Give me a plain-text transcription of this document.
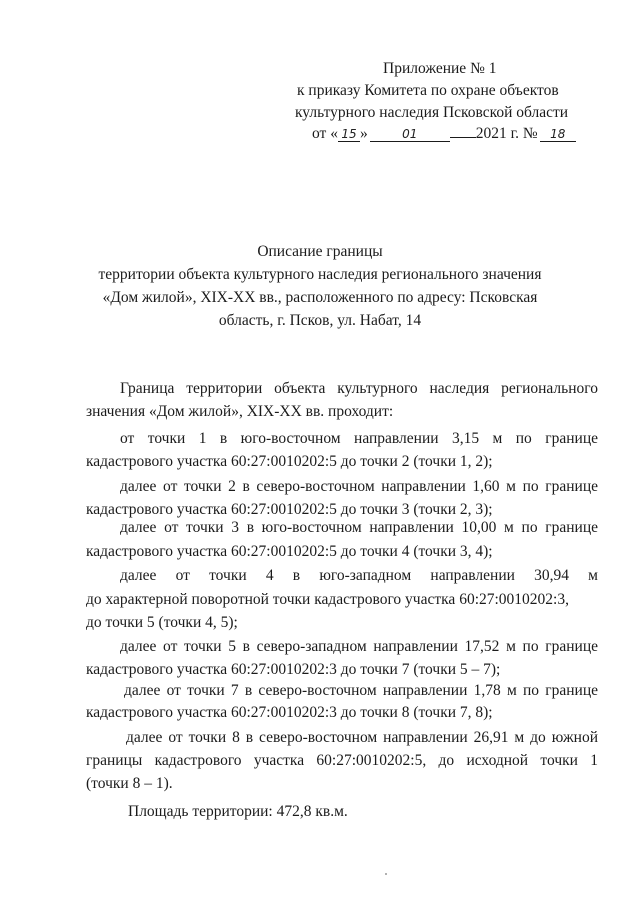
Приложение № 1
к приказу Комитета по охране объектов
культурного наследия Псковской области
от « 15 »	01	2021 г. № 18
Описание границы
территории объекта культурного наследия регионального значения
«Дом жилой», XIX-XX вв., расположенного по адресу: Псковская
область, г. Псков, ул. Набат, 14
Граница территории объекта культурного наследия регионального
значения «Дом жилой», XIX-XX вв. проходит:
от точки 1 в юго-восточном направлении 3,15 м по границе
кадастрового участка 60:27:0010202:5 до точки 2 (точки 1, 2);
далее от точки 2 в северо-восточном направлении 1,60 м по границе
кадастрового участка 60:27:0010202:5 до точки 3 (точки 2, 3);
далее от точки 3 в юго-восточном направлении 10,00 м по границе
кадастрового участка 60:27:0010202:5 до точки 4 (точки 3, 4);
далее от точки 4 в юго-западном направлении 30,94 м
до характерной поворотной точки кадастрового участка 60:27:0010202:3,
до точки 5 (точки 4, 5);
далее от точки 5 в северо-западном направлении 17,52 м по границе
кадастрового участка 60:27:0010202:3 до точки 7 (точки 5 – 7);
далее от точки 7 в северо-восточном направлении 1,78 м по границе
кадастрового участка 60:27:0010202:3 до точки 8 (точки 7, 8);
далее от точки 8 в северо-восточном направлении 26,91 м до южной
границы кадастрового участка 60:27:0010202:5, до исходной точки 1
(точки 8 – 1).
Площадь территории: 472,8 кв.м.
